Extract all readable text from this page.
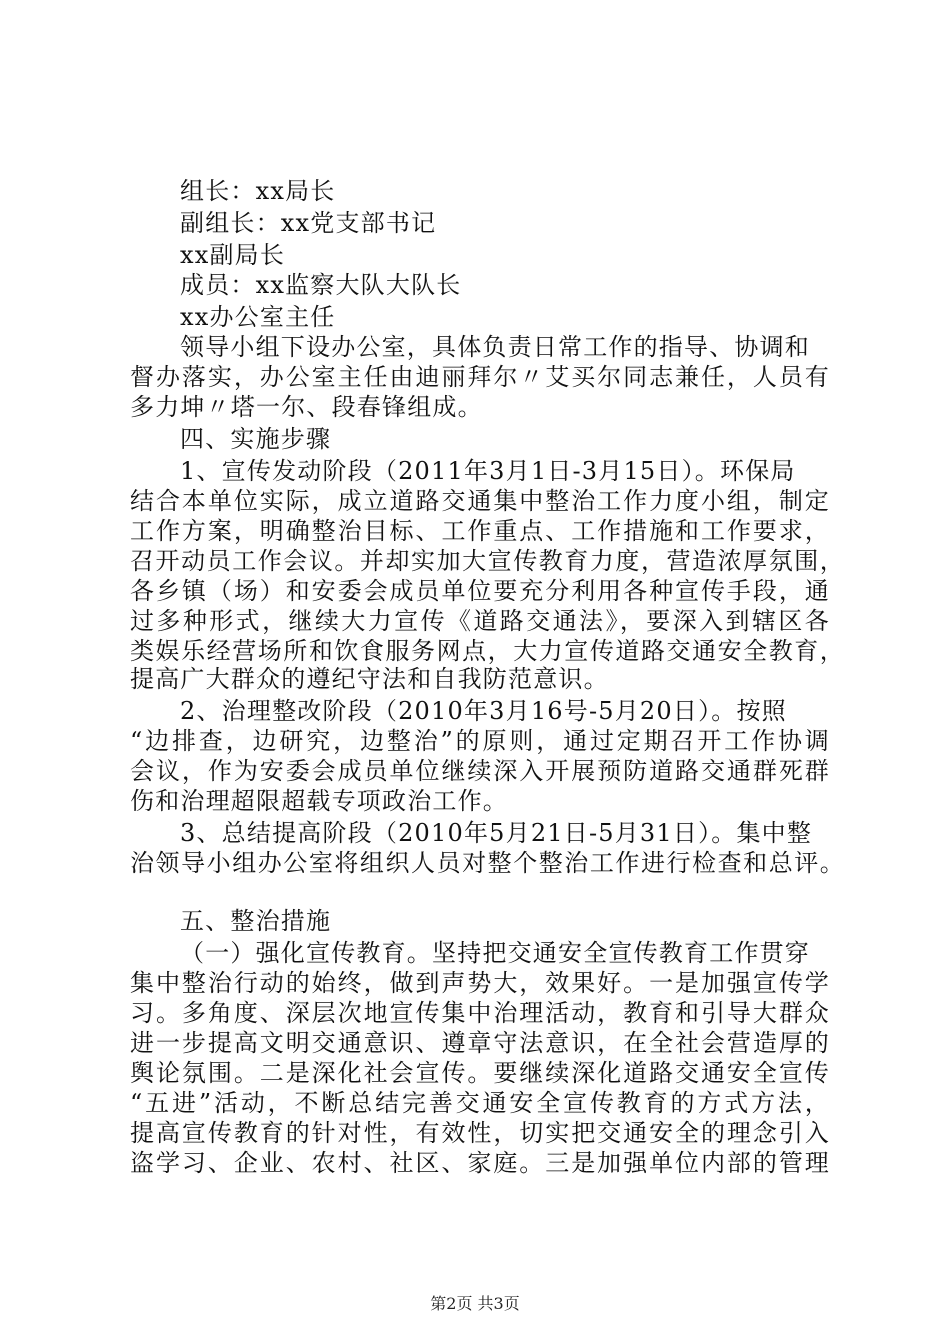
组长：xx局长
副组长：xx党支部书记
xx副局长
成员：xx监察大队大队长
xx办公室主任
领导小组下设办公室，具体负责日常工作的指导、协调和
督办落实，办公室主任由迪丽拜尔〃艾买尔同志兼任，人员有
多力坤〃塔一尔、段春锋组成。
四、实施步骤
1、宣传发动阶段（2011年3月1日-3月15日）。环保局
结合本单位实际，成立道路交通集中整治工作力度小组，制定
工作方案，明确整治目标、工作重点、工作措施和工作要求，
召开动员工作会议。并却实加大宣传教育力度，营造浓厚氛围，
各乡镇（场）和安委会成员单位要充分利用各种宣传手段，通
过多种形式，继续大力宣传《道路交通法》，要深入到辖区各
类娱乐经营场所和饮食服务网点，大力宣传道路交通安全教育，
提高广大群众的遵纪守法和自我防范意识。
2、治理整改阶段（2010年3月16号-5月20日）。按照
“边排查，边研究，边整治”的原则，通过定期召开工作协调
会议，作为安委会成员单位继续深入开展预防道路交通群死群
伤和治理超限超载专项政治工作。
3、总结提高阶段（2010年5月21日-5月31日）。集中整
治领导小组办公室将组织人员对整个整治工作进行检查和总评。
五、整治措施
（一）强化宣传教育。坚持把交通安全宣传教育工作贯穿
集中整治行动的始终，做到声势大，效果好。一是加强宣传学
习。多角度、深层次地宣传集中治理活动，教育和引导大群众
进一步提高文明交通意识、遵章守法意识，在全社会营造厚的
舆论氛围。二是深化社会宣传。要继续深化道路交通安全宣传
“五进”活动，不断总结完善交通安全宣传教育的方式方法，
提高宣传教育的针对性，有效性，切实把交通安全的理念引入
盗学习、企业、农村、社区、家庭。三是加强单位内部的管理
第2页 共3页
